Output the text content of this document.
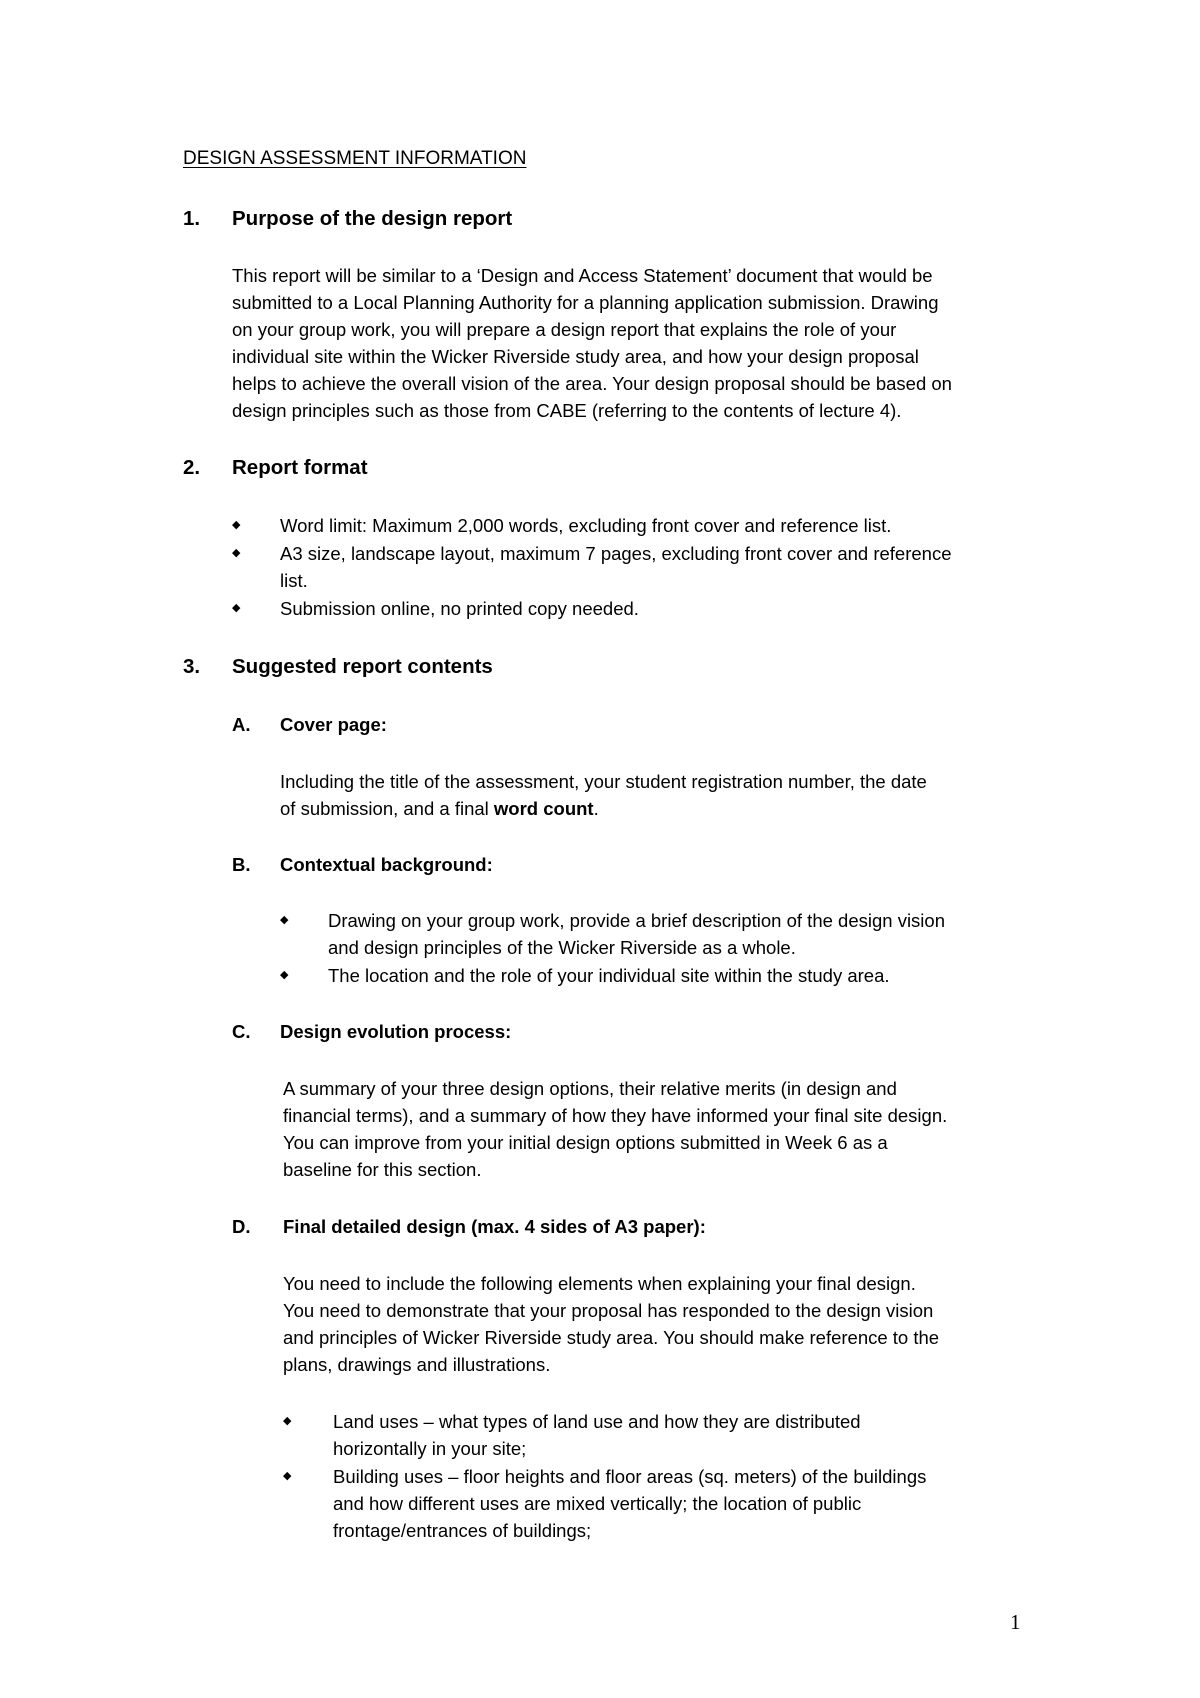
DESIGN ASSESSMENT INFORMATION
1. Purpose of the design report
This report will be similar to a ‘Design and Access Statement’ document that would be
submitted to a Local Planning Authority for a planning application submission. Drawing
on your group work, you will prepare a design report that explains the role of your
individual site within the Wicker Riverside study area, and how your design proposal
helps to achieve the overall vision of the area. Your design proposal should be based on
design principles such as those from CABE (referring to the contents of lecture 4).
2. Report format
◆ Word limit: Maximum 2,000 words, excluding front cover and reference list.
◆ A3 size, landscape layout, maximum 7 pages, excluding front cover and reference
list.
◆ Submission online, no printed copy needed.
3. Suggested report contents
A. Cover page:
Including the title of the assessment, your student registration number, the date
of submission, and a final word count.
B. Contextual background:
◆ Drawing on your group work, provide a brief description of the design vision
and design principles of the Wicker Riverside as a whole.
◆ The location and the role of your individual site within the study area.
C. Design evolution process:
A summary of your three design options, their relative merits (in design and
financial terms), and a summary of how they have informed your final site design.
You can improve from your initial design options submitted in Week 6 as a
baseline for this section.
D. Final detailed design (max. 4 sides of A3 paper):
You need to include the following elements when explaining your final design.
You need to demonstrate that your proposal has responded to the design vision
and principles of Wicker Riverside study area. You should make reference to the
plans, drawings and illustrations.
◆ Land uses – what types of land use and how they are distributed
horizontally in your site;
◆ Building uses – floor heights and floor areas (sq. meters) of the buildings
and how different uses are mixed vertically; the location of public
frontage/entrances of buildings;
1
